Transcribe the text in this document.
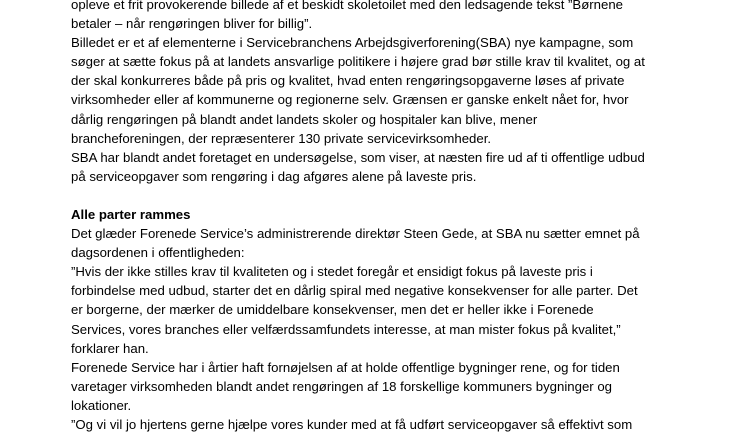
opleve et frit provokerende billede af et beskidt skoletoilet med den ledsagende tekst ”Børnene

betaler – når rengøringen bliver for billig”.

Billedet er et af elementerne i Servicebranchens Arbejdsgiverforening(SBA) nye kampagne, som

søger at sætte fokus på at landets ansvarlige politikere i højere grad bør stille krav til kvalitet, og at

der skal konkurreres både på pris og kvalitet, hvad enten rengøringsopgaverne løses af private

virksomheder eller af kommunerne og regionerne selv. Grænsen er ganske enkelt nået for, hvor

dårlig rengøringen på blandt andet landets skoler og hospitaler kan blive, mener

brancheforeningen, der repræsenterer 130 private servicevirksomheder.

SBA har blandt andet foretaget en undersøgelse, som viser, at næsten fire ud af ti offentlige udbud

på serviceopgaver som rengøring i dag afgøres alene på laveste pris.

Alle parter rammes

Det glæder Forenede Service’s administrerende direktør Steen Gede, at SBA nu sætter emnet på

dagsordenen i offentligheden:

”Hvis der ikke stilles krav til kvaliteten og i stedet foregår et ensidigt fokus på laveste pris i

forbindelse med udbud, starter det en dårlig spiral med negative konsekvenser for alle parter. Det

er borgerne, der mærker de umiddelbare konsekvenser, men det er heller ikke i Forenede

Services, vores branches eller velfærdssamfundets interesse, at man mister fokus på kvalitet,”

forklarer han.

Forenede Service har i årtier haft fornøjelsen af at holde offentlige bygninger rene, og for tiden

varetager virksomheden blandt andet rengøringen af 18 forskellige kommuners bygninger og

lokationer.

”Og vi vil jo hjertens gerne hjælpe vores kunder med at få udført serviceopgaver så effektivt som
